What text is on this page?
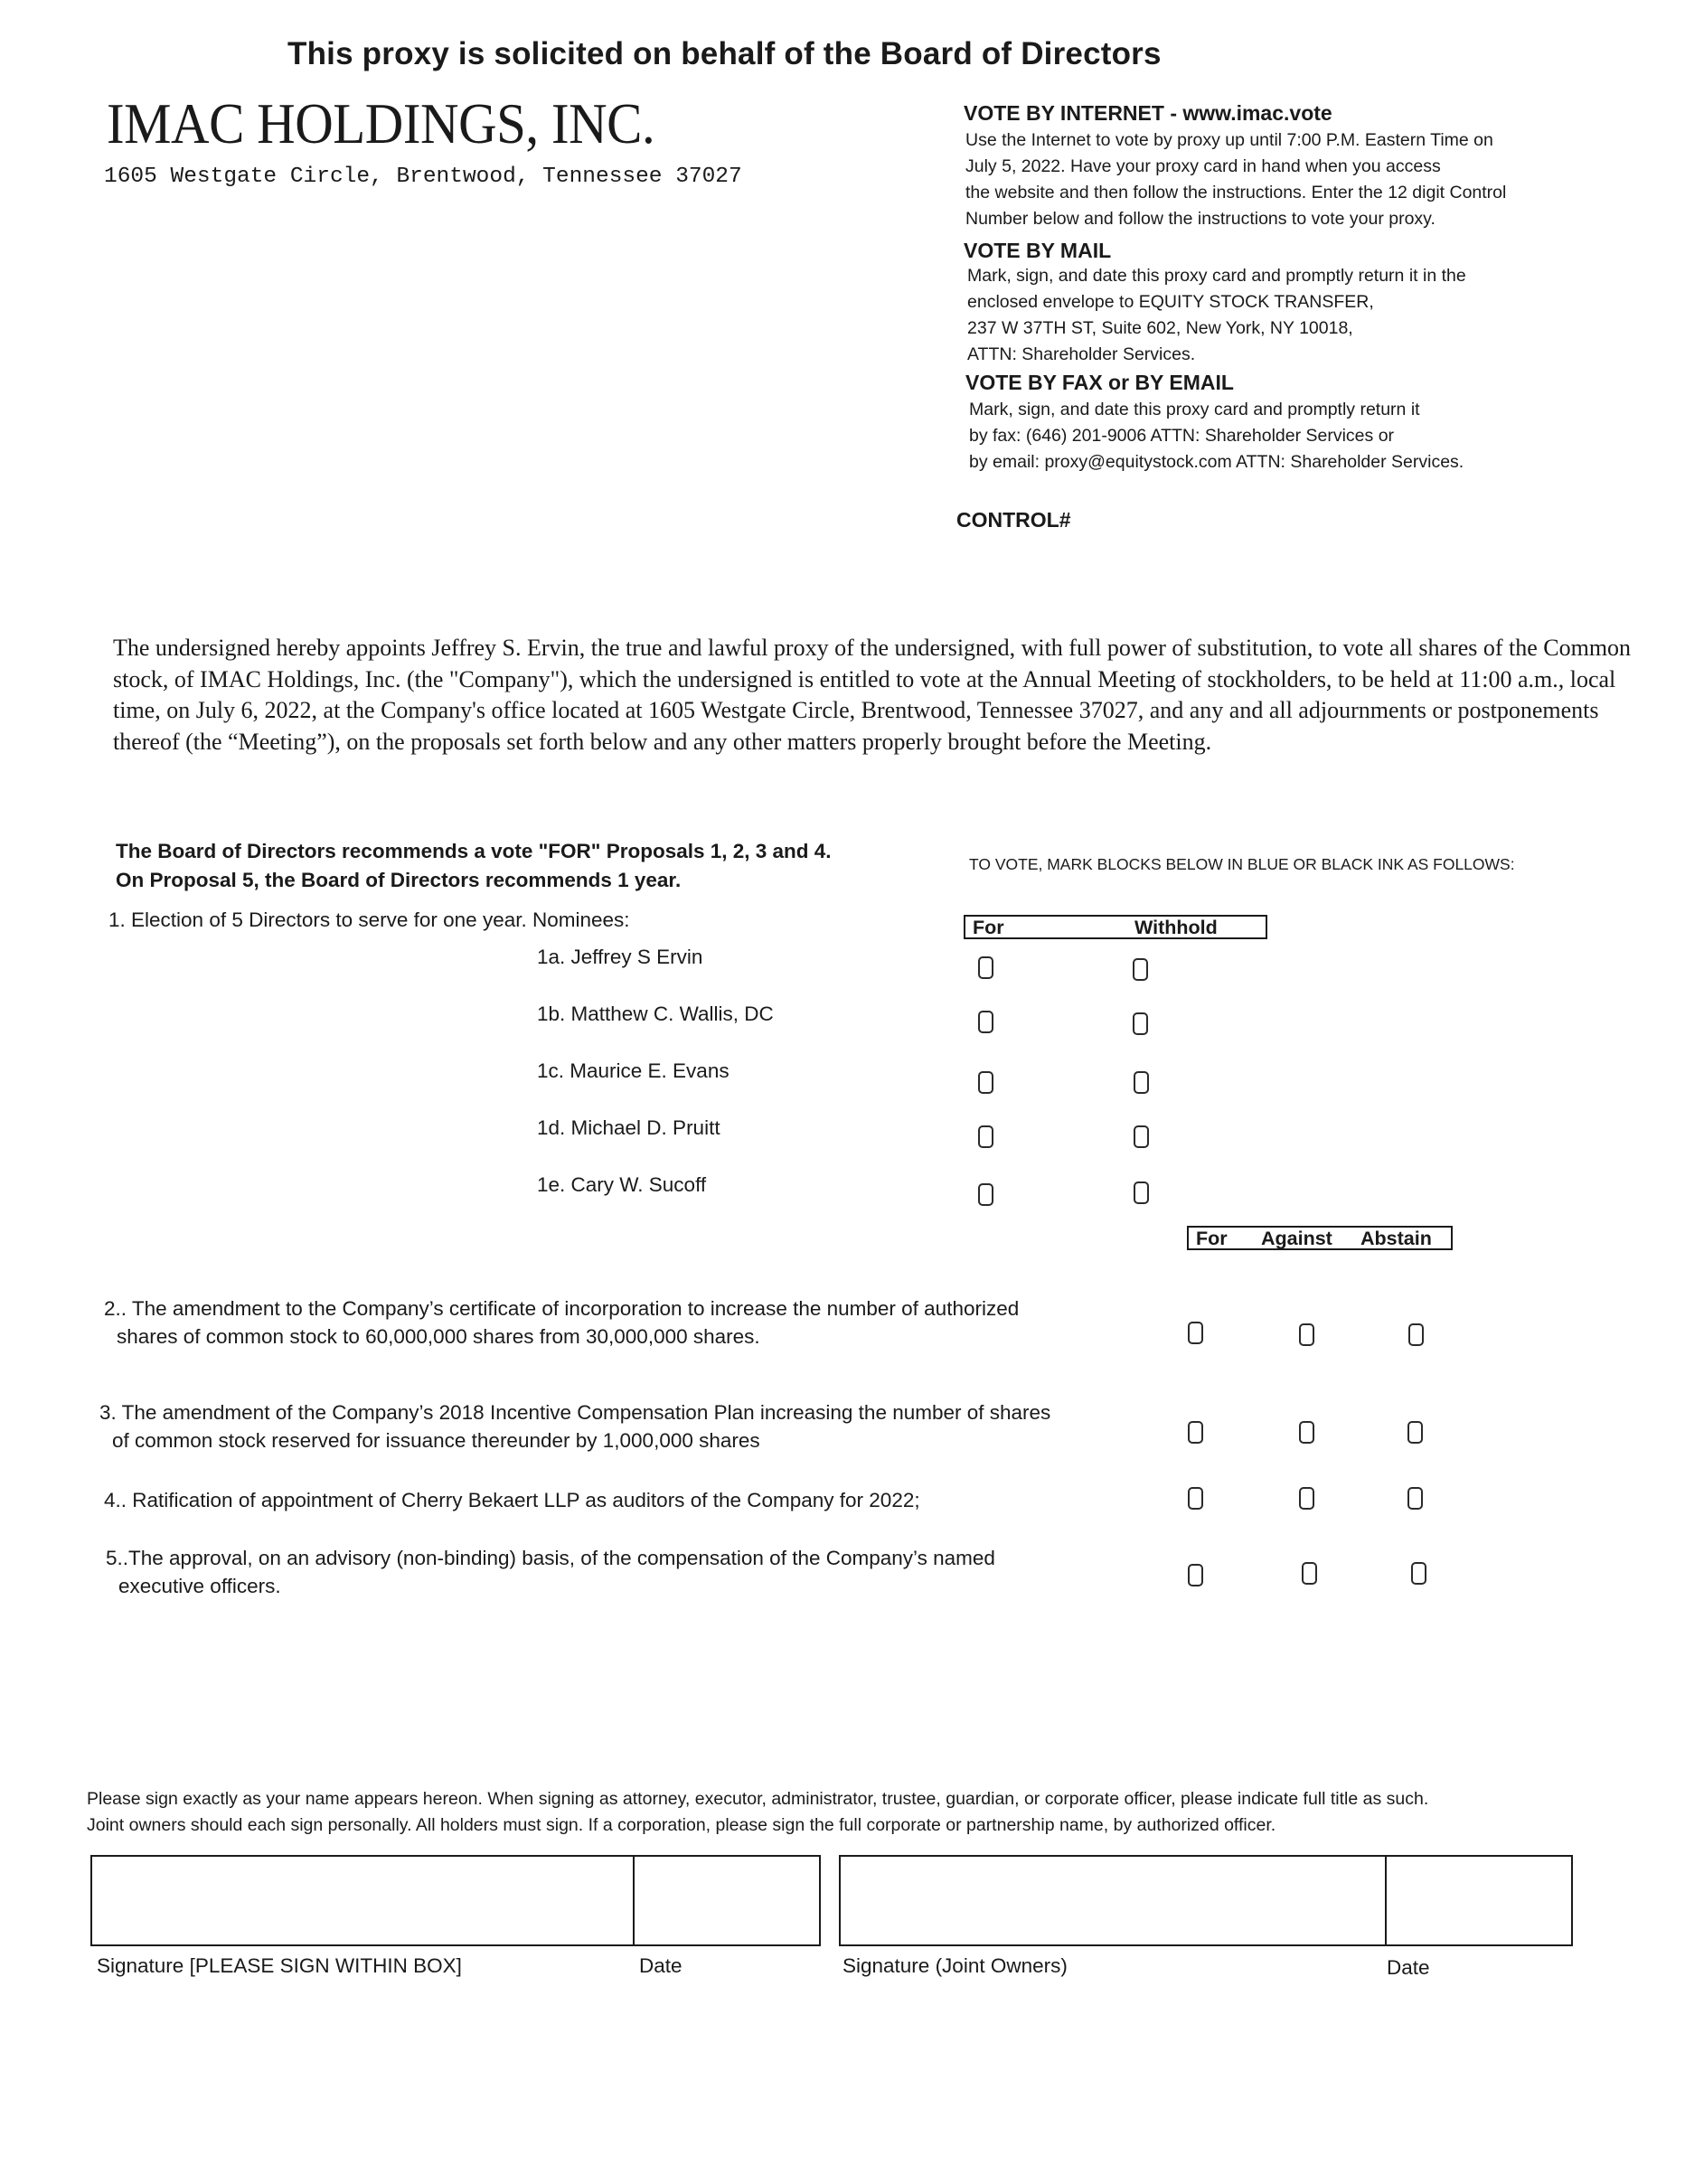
This proxy is solicited on behalf of the Board of Directors
IMAC HOLDINGS, INC.
1605 Westgate Circle, Brentwood, Tennessee 37027
VOTE BY INTERNET - www.imac.vote
Use the Internet to vote by proxy up until 7:00 P.M. Eastern Time on
July 5, 2022. Have your proxy card in hand when you access
the website and then follow the instructions. Enter the 12 digit Control
Number below and follow the instructions to vote your proxy.
VOTE BY MAIL
Mark, sign, and date this proxy card and promptly return it in the
enclosed envelope to EQUITY STOCK TRANSFER,
237 W 37TH ST, Suite 602, New York, NY 10018,
ATTN: Shareholder Services.
VOTE BY FAX or BY EMAIL
Mark, sign, and date this proxy card and promptly return it
by fax: (646) 201-9006 ATTN: Shareholder Services or
by email: proxy@equitystock.com ATTN: Shareholder Services.
CONTROL#
The undersigned hereby appoints Jeffrey S. Ervin, the true and lawful proxy of the undersigned, with full power of substitution, to vote all shares of the Common stock, of IMAC Holdings, Inc. (the "Company"), which the undersigned is entitled to vote at the Annual Meeting of stockholders, to be held at 11:00 a.m., local time, on July 6, 2022, at the Company's office located at 1605 Westgate Circle, Brentwood, Tennessee 37027, and any and all adjournments or postponements thereof (the “Meeting”), on the proposals set forth below and any other matters properly brought before the Meeting.
The Board of Directors recommends a vote "FOR" Proposals 1, 2, 3 and 4.
On Proposal 5, the Board of Directors recommends 1 year.
TO VOTE, MARK BLOCKS BELOW IN BLUE OR BLACK INK AS FOLLOWS:
1. Election of 5 Directors to serve for one year. Nominees:	For	Withhold
1a. Jeffrey S Ervin
1b. Matthew C. Wallis, DC
1c. Maurice E. Evans
1d. Michael D. Pruitt
1e. Cary W. Sucoff
For Against Abstain
2.. The amendment to the Company’s certificate of incorporation to increase the number of authorized
shares of common stock to 60,000,000 shares from 30,000,000 shares.
3. The amendment of the Company’s 2018 Incentive Compensation Plan increasing the number of shares
of common stock reserved for issuance thereunder by 1,000,000 shares
4.. Ratification of appointment of Cherry Bekaert LLP as auditors of the Company for 2022;
5..The approval, on an advisory (non-binding) basis, of the compensation of the Company’s named
executive officers.
Please sign exactly as your name appears hereon. When signing as attorney, executor, administrator, trustee, guardian, or corporate officer, please indicate full title as such.
Joint owners should each sign personally. All holders must sign. If a corporation, please sign the full corporate or partnership name, by authorized officer.
Signature [PLEASE SIGN WITHIN BOX]	Date	Signature (Joint Owners)	Date
